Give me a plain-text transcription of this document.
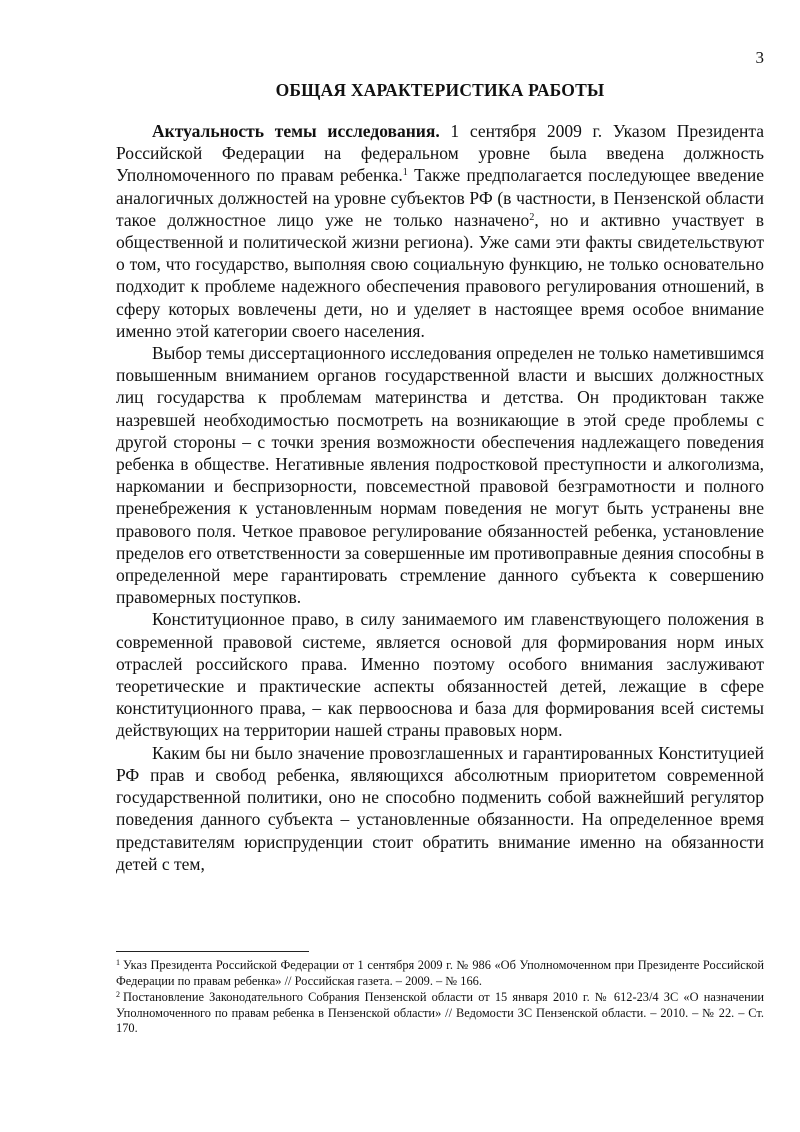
3
ОБЩАЯ ХАРАКТЕРИСТИКА РАБОТЫ

Актуальность темы исследования. 1 сентября 2009 г. Указом Президента Российской Федерации на федеральном уровне была введена должность Уполномоченного по правам ребенка.$^1$ Также предполагается последующее введение аналогичных должностей на уровне субъектов РФ (в частности, в Пензенской области такое должностное лицо уже не только назначено$^2$, но и активно участвует в общественной и политической жизни региона). Уже сами эти факты свидетельствуют о том, что государство, выполняя свою социальную функцию, не только основательно подходит к проблеме надежного обеспечения правового регулирования отношений, в сферу которых вовлечены дети, но и уделяет в настоящее время особое внимание именно этой категории своего населения.

Выбор темы диссертационного исследования определен не только наметившимся повышенным вниманием органов государственной власти и высших должностных лиц государства к проблемам материнства и детства. Он продиктован также назревшей необходимостью посмотреть на возникающие в этой среде проблемы с другой стороны – с точки зрения возможности обеспечения надлежащего поведения ребенка в обществе. Негативные явления подростковой преступности и алкоголизма, наркомании и беспризорности, повсеместной правовой безграмотности и полного пренебрежения к установленным нормам поведения не могут быть устранены вне правового поля. Четкое правовое регулирование обязанностей ребенка, установление пределов его ответственности за совершенные им противоправные деяния способны в определенной мере гарантировать стремление данного субъекта к совершению правомерных поступков.

Конституционное право, в силу занимаемого им главенствующего положения в современной правовой системе, является основой для формирования норм иных отраслей российского права. Именно поэтому особого внимания заслуживают теоретические и практические аспекты обязанностей детей, лежащие в сфере конституционного права, – как первооснова и база для формирования всей системы действующих на территории нашей страны правовых норм.

Каким бы ни было значение провозглашенных и гарантированных Конституцией РФ прав и свобод ребенка, являющихся абсолютным приоритетом современной государственной политики, оно не способно подменить собой важнейший регулятор поведения данного субъекта – установленные обязанности. На определенное время представителям юриспруденции стоит обратить внимание именно на обязанности детей с тем,

$^1$ Указ Президента Российской Федерации от 1 сентября 2009 г. № 986 «Об Уполномоченном при Президенте Российской Федерации по правам ребенка» // Российская газета. – 2009. – № 166.

$^2$ Постановление Законодательного Собрания Пензенской области от 15 января 2010 г. № 612-23/4 ЗС «О назначении Уполномоченного по правам ребенка в Пензенской области» // Ведомости ЗС Пензенской области. – 2010. – № 22. – Ст. 170.
